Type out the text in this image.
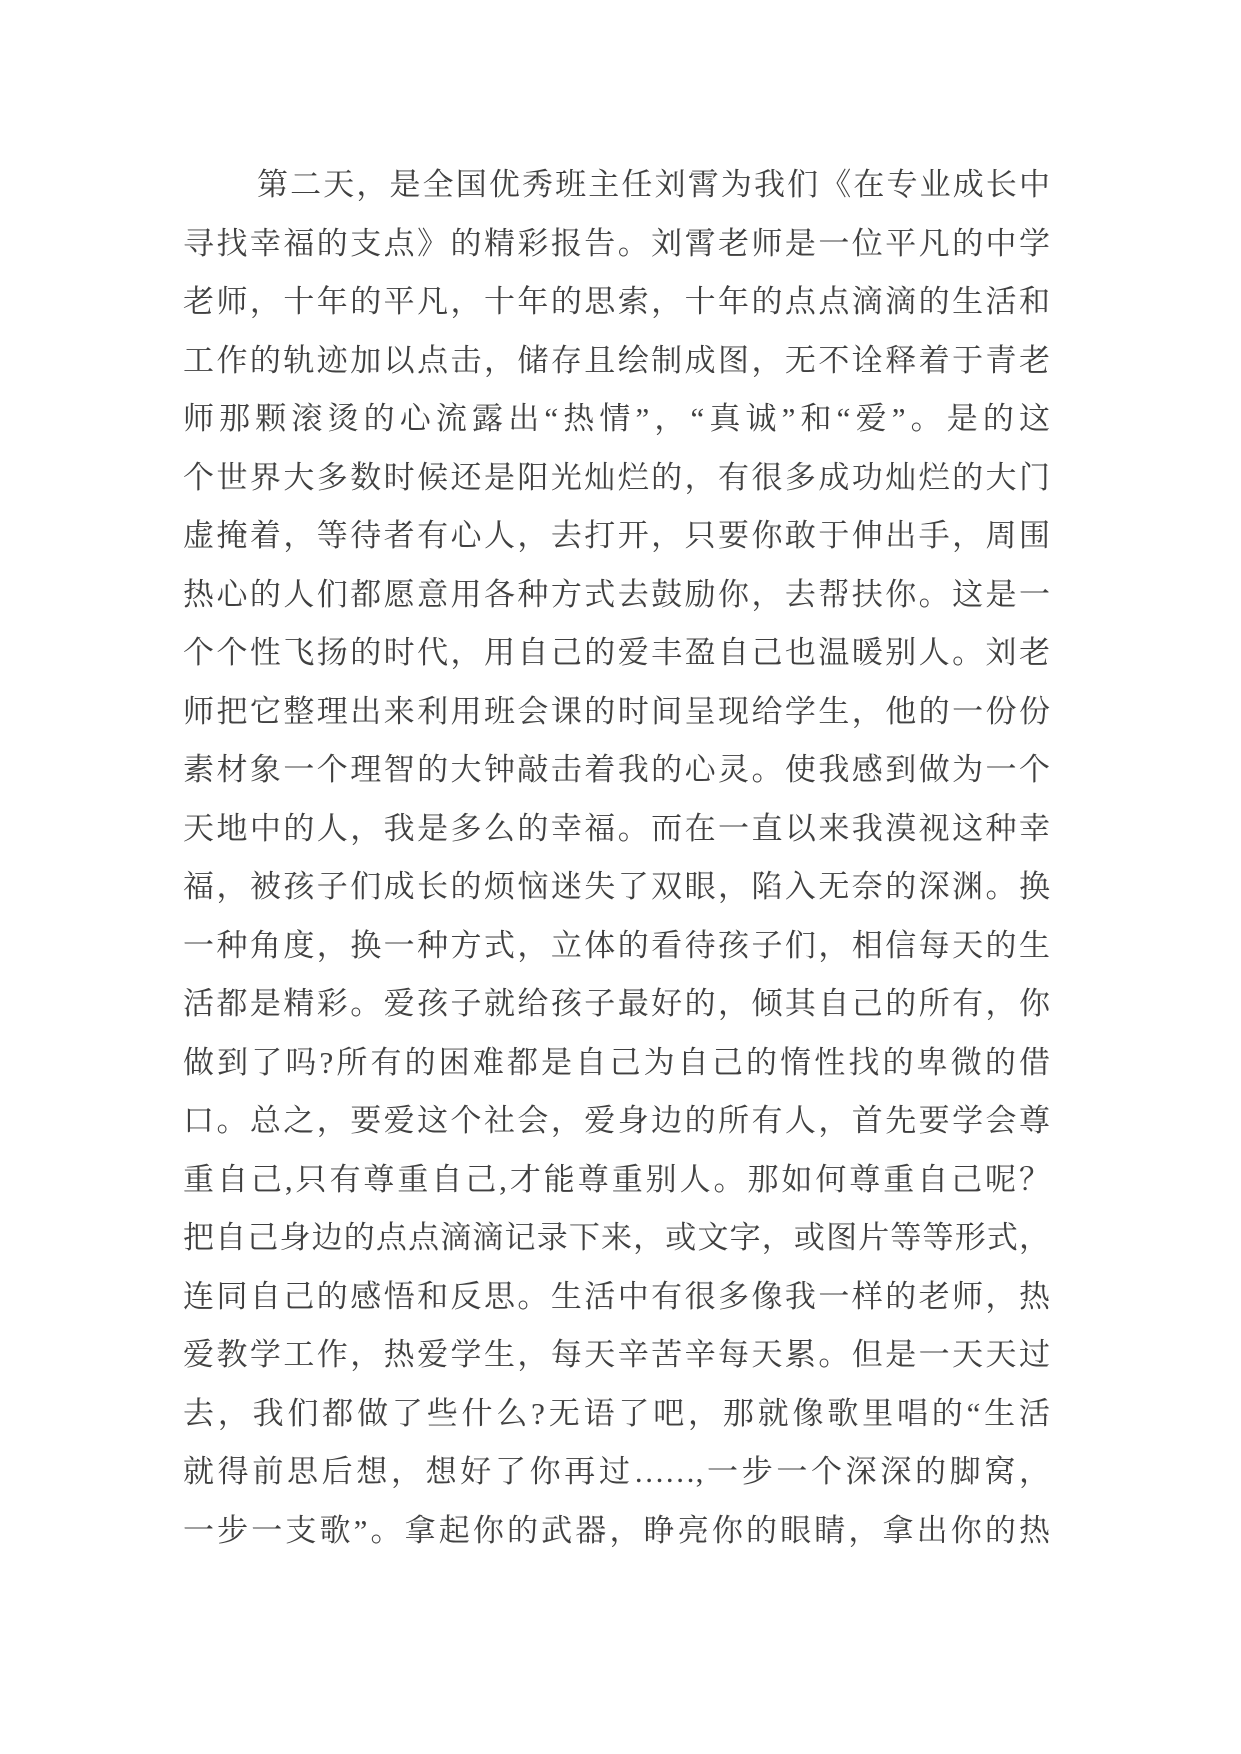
第二天，是全国优秀班主任刘霄为我们《在专业成长中
寻找幸福的支点》的精彩报告。刘霄老师是一位平凡的中学
老师，十年的平凡，十年的思索，十年的点点滴滴的生活和
工作的轨迹加以点击，储存且绘制成图，无不诠释着于青老
师那颗滚烫的心流露出“热情”，“真诚”和“爱”。是的这
个世界大多数时候还是阳光灿烂的，有很多成功灿烂的大门
虚掩着，等待者有心人，去打开，只要你敢于伸出手，周围
热心的人们都愿意用各种方式去鼓励你，去帮扶你。这是一
个个性飞扬的时代，用自己的爱丰盈自己也温暖别人。刘老
师把它整理出来利用班会课的时间呈现给学生，他的一份份
素材象一个理智的大钟敲击着我的心灵。使我感到做为一个
天地中的人，我是多么的幸福。而在一直以来我漠视这种幸
福，被孩子们成长的烦恼迷失了双眼，陷入无奈的深渊。换
一种角度，换一种方式，立体的看待孩子们，相信每天的生
活都是精彩。爱孩子就给孩子最好的，倾其自己的所有，你
做到了吗?所有的困难都是自己为自己的惰性找的卑微的借
口。总之，要爱这个社会，爱身边的所有人，首先要学会尊
重自己,只有尊重自己,才能尊重别人。那如何尊重自己呢？
把自己身边的点点滴滴记录下来，或文字，或图片等等形式，
连同自己的感悟和反思。生活中有很多像我一样的老师，热
爱教学工作，热爱学生，每天辛苦辛每天累。但是一天天过
去，我们都做了些什么?无语了吧，那就像歌里唱的“生活
就得前思后想，想好了你再过……,一步一个深深的脚窝，
一步一支歌”。拿起你的武器，睁亮你的眼睛，拿出你的热
